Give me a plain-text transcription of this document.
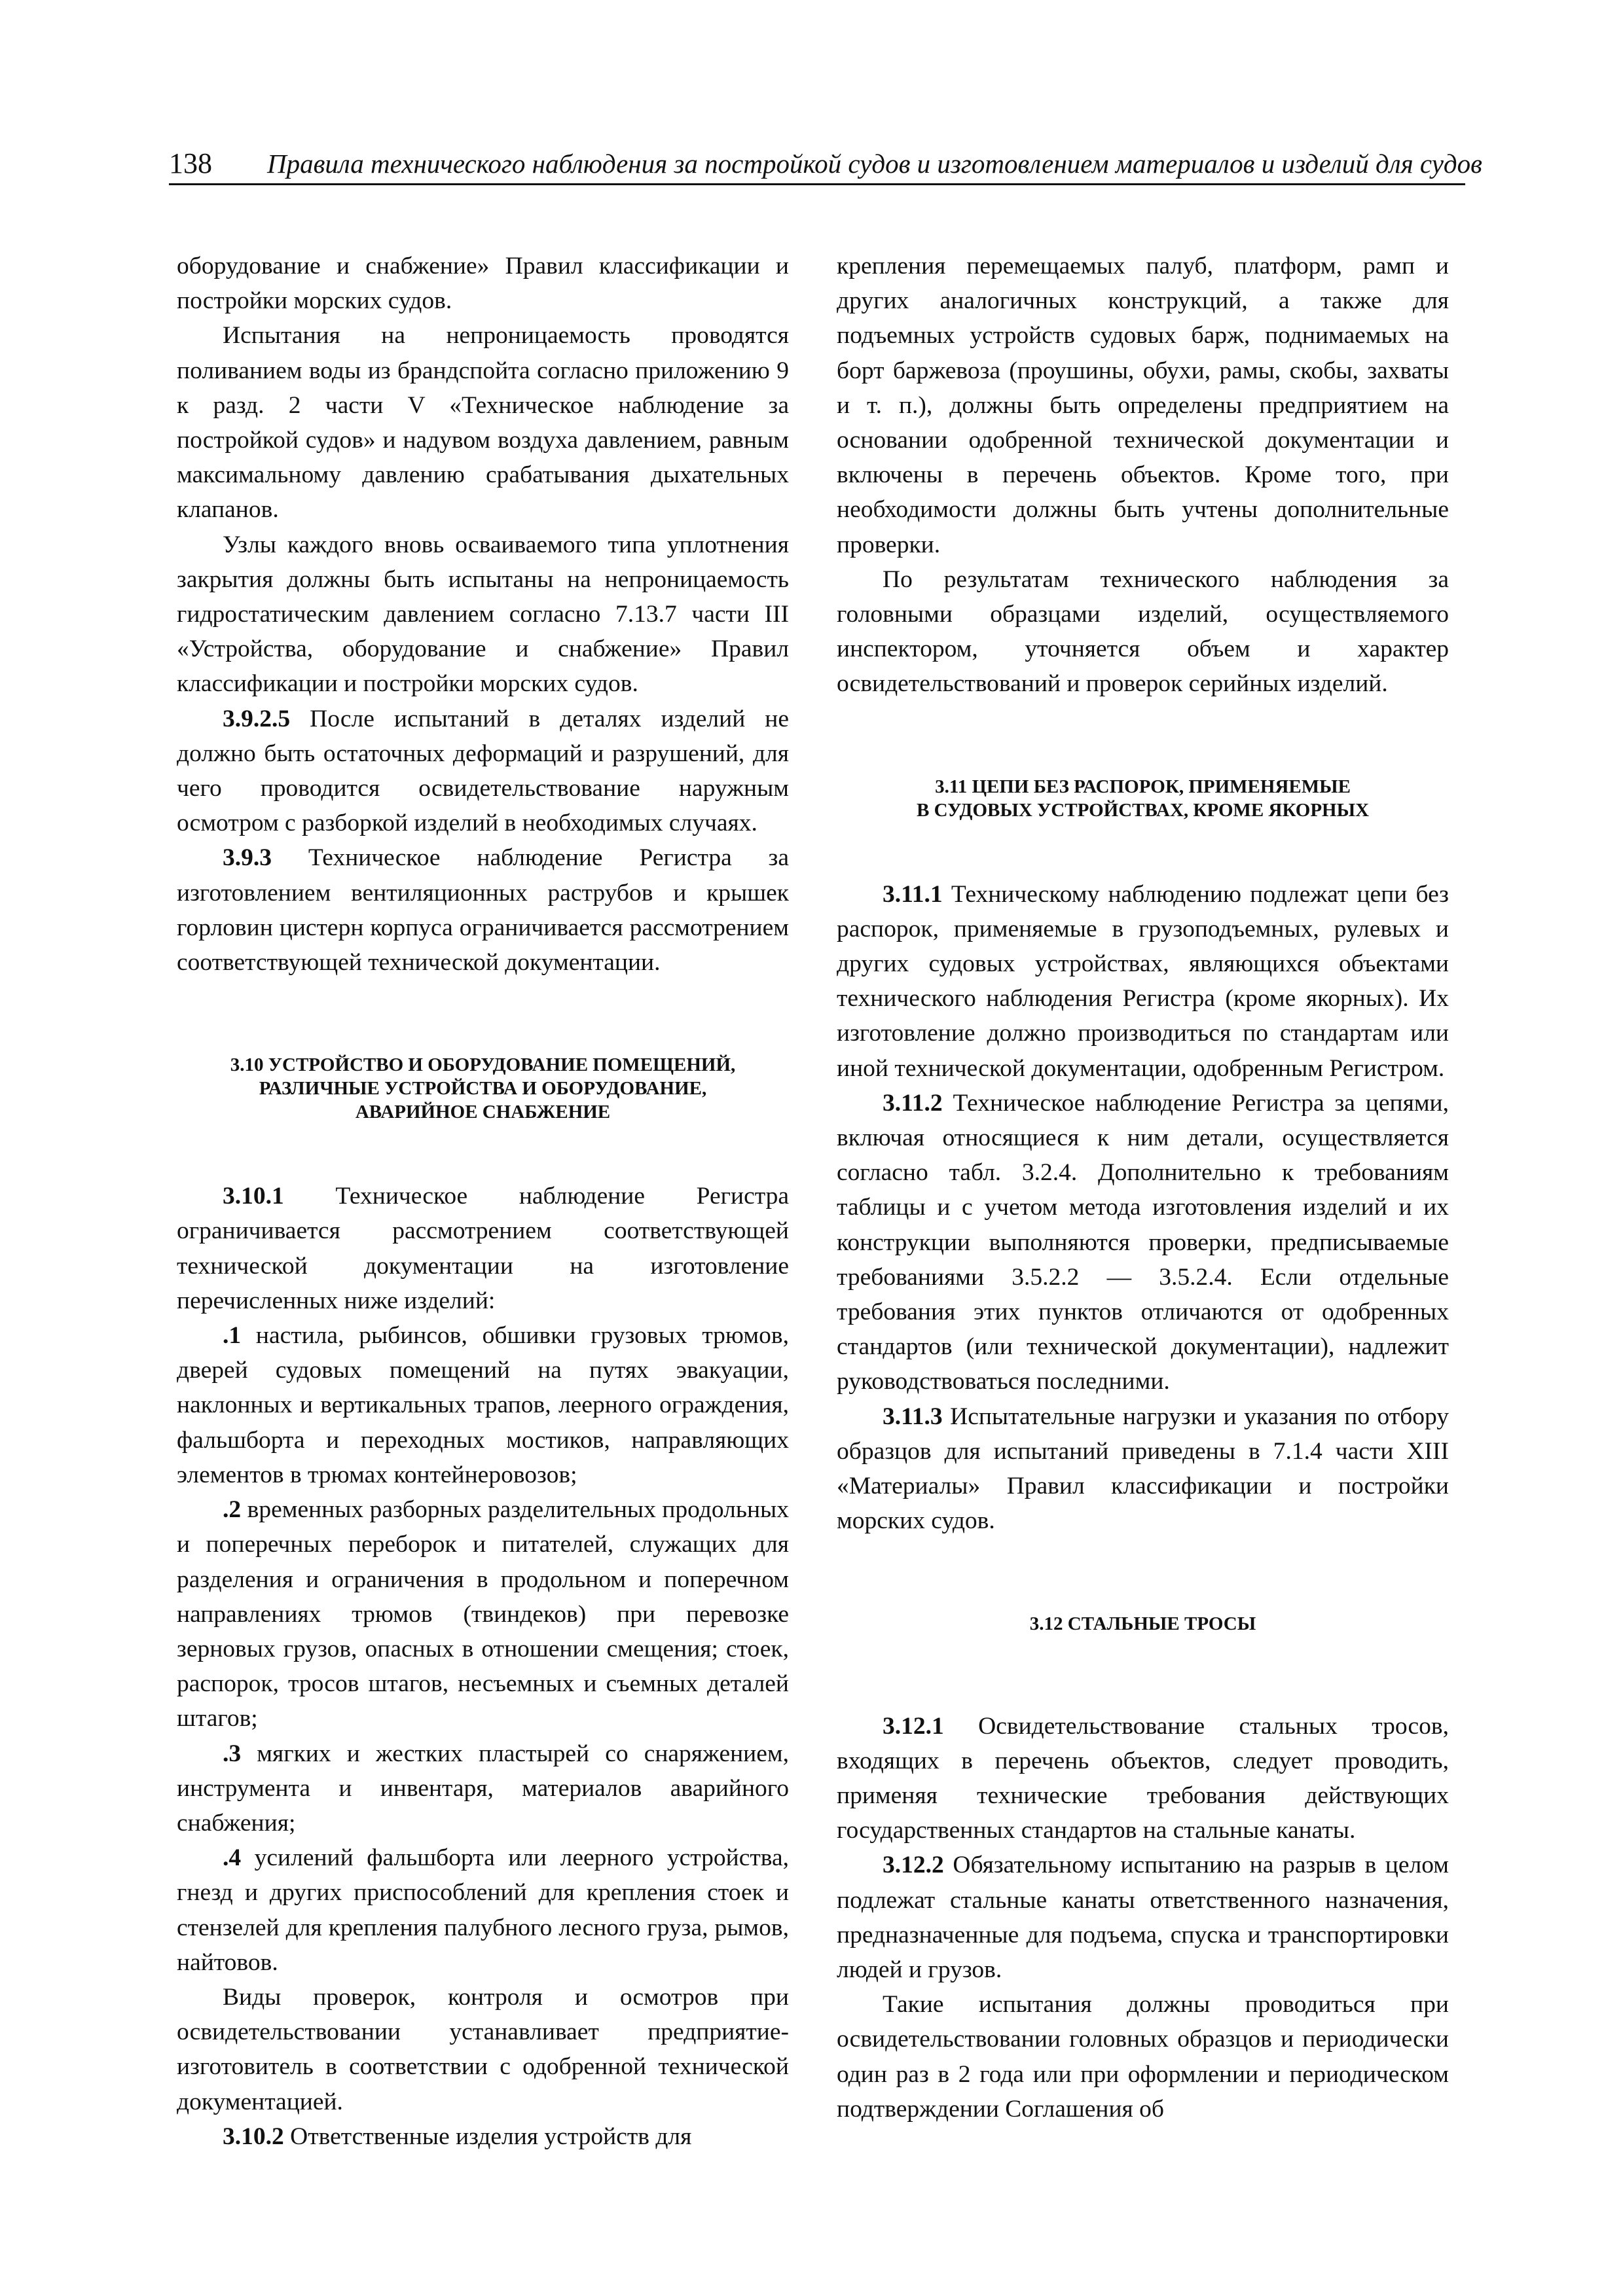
138 Правила технического наблюдения за постройкой судов и изготовлением материалов и изделий для судов

оборудование и снабжение» Правил классификации и постройки морских судов.

Испытания на непроницаемость проводятся поливанием воды из брандспойта согласно приложению 9 к разд. 2 части V «Техническое наблюдение за постройкой судов» и надувом воздуха давлением, равным максимальному давлению срабатывания дыхательных клапанов.

Узлы каждого вновь осваиваемого типа уплотнения закрытия должны быть испытаны на непроницаемость гидростатическим давлением согласно 7.13.7 части III «Устройства, оборудование и снабжение» Правил классификации и постройки морских судов.

3.9.2.5 После испытаний в деталях изделий не должно быть остаточных деформаций и разрушений, для чего проводится освидетельствование наружным осмотром с разборкой изделий в необходимых случаях.

3.9.3 Техническое наблюдение Регистра за изготовлением вентиляционных раструбов и крышек горловин цистерн корпуса ограничивается рассмотрением соответствующей технической документации.

3.10 УСТРОЙСТВО И ОБОРУДОВАНИЕ ПОМЕЩЕНИЙ,
РАЗЛИЧНЫЕ УСТРОЙСТВА И ОБОРУДОВАНИЕ,
АВАРИЙНОЕ СНАБЖЕНИЕ

3.10.1 Техническое наблюдение Регистра ограничивается рассмотрением соответствующей технической документации на изготовление перечисленных ниже изделий:

.1 настила, рыбинсов, обшивки грузовых трюмов, дверей судовых помещений на путях эвакуации, наклонных и вертикальных трапов, леерного ограждения, фальшборта и переходных мостиков, направляющих элементов в трюмах контейнеровозов;

.2 временных разборных разделительных продольных и поперечных переборок и питателей, служащих для разделения и ограничения в продольном и поперечном направлениях трюмов (твиндеков) при перевозке зерновых грузов, опасных в отношении смещения; стоек, распорок, тросов штагов, несъемных и съемных деталей штагов;

.3 мягких и жестких пластырей со снаряжением, инструмента и инвентаря, материалов аварийного снабжения;

.4 усилений фальшборта или леерного устройства, гнезд и других приспособлений для крепления стоек и стензелей для крепления палубного лесного груза, рымов, найтовов.

Виды проверок, контроля и осмотров при освидетельствовании устанавливает предприятие-изготовитель в соответствии с одобренной технической документацией.

3.10.2 Ответственные изделия устройств для

крепления перемещаемых палуб, платформ, рамп и других аналогичных конструкций, а также для подъемных устройств судовых барж, поднимаемых на борт баржевоза (проушины, обухи, рамы, скобы, захваты и т. п.), должны быть определены предприятием на основании одобренной технической документации и включены в перечень объектов. Кроме того, при необходимости должны быть учтены дополнительные проверки.

По результатам технического наблюдения за головными образцами изделий, осуществляемого инспектором, уточняется объем и характер освидетельствований и проверок серийных изделий.

3.11 ЦЕПИ БЕЗ РАСПОРОК, ПРИМЕНЯЕМЫЕ
В СУДОВЫХ УСТРОЙСТВАХ, КРОМЕ ЯКОРНЫХ

3.11.1 Техническому наблюдению подлежат цепи без распорок, применяемые в грузоподъемных, рулевых и других судовых устройствах, являющихся объектами технического наблюдения Регистра (кроме якорных). Их изготовление должно производиться по стандартам или иной технической документации, одобренным Регистром.

3.11.2 Техническое наблюдение Регистра за цепями, включая относящиеся к ним детали, осуществляется согласно табл. 3.2.4. Дополнительно к требованиям таблицы и с учетом метода изготовления изделий и их конструкции выполняются проверки, предписываемые требованиями 3.5.2.2 — 3.5.2.4. Если отдельные требования этих пунктов отличаются от одобренных стандартов (или технической документации), надлежит руководствоваться последними.

3.11.3 Испытательные нагрузки и указания по отбору образцов для испытаний приведены в 7.1.4 части XIII «Материалы» Правил классификации и постройки морских судов.

3.12 СТАЛЬНЫЕ ТРОСЫ

3.12.1 Освидетельствование стальных тросов, входящих в перечень объектов, следует проводить, применяя технические требования действующих государственных стандартов на стальные канаты.

3.12.2 Обязательному испытанию на разрыв в целом подлежат стальные канаты ответственного назначения, предназначенные для подъема, спуска и транспортировки людей и грузов.

Такие испытания должны проводиться при освидетельствовании головных образцов и периодически один раз в 2 года или при оформлении и периодическом подтверждении Соглашения об
